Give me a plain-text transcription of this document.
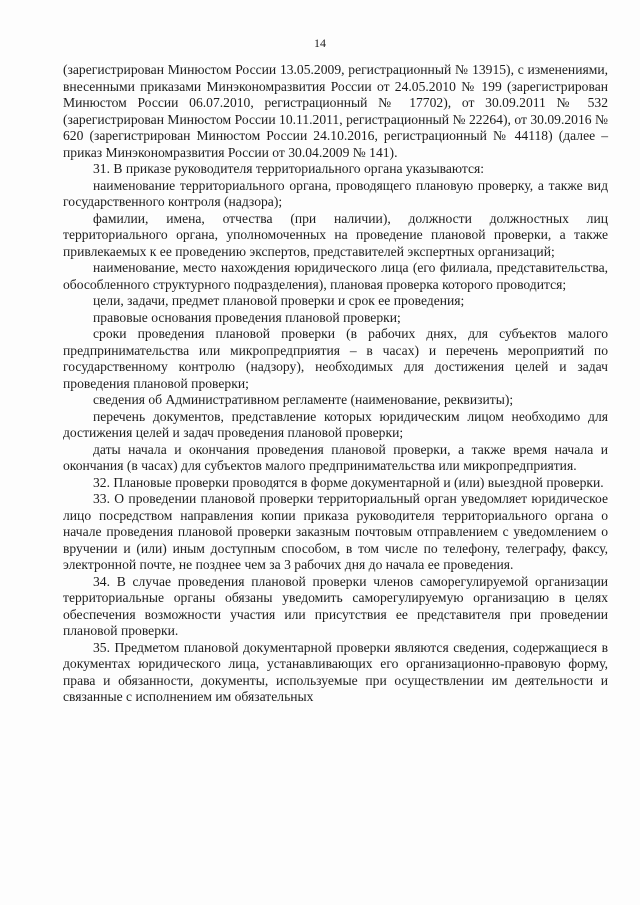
14

(зарегистрирован Минюстом России 13.05.2009, регистрационный № 13915), с изменениями, внесенными приказами Минэкономразвития России от 24.05.2010 № 199 (зарегистрирован Минюстом России 06.07.2010, регистрационный № 17702), от 30.09.2011 № 532 (зарегистрирован Минюстом России 10.11.2011, регистрационный № 22264), от 30.09.2016 № 620 (зарегистрирован Минюстом России 24.10.2016, регистрационный № 44118) (далее – приказ Минэкономразвития России от 30.04.2009 № 141).

31. В приказе руководителя территориального органа указываются:

наименование территориального органа, проводящего плановую проверку, а также вид государственного контроля (надзора);

фамилии, имена, отчества (при наличии), должности должностных лиц территориального органа, уполномоченных на проведение плановой проверки, а также привлекаемых к ее проведению экспертов, представителей экспертных организаций;

наименование, место нахождения юридического лица (его филиала, представительства, обособленного структурного подразделения), плановая проверка которого проводится;

цели, задачи, предмет плановой проверки и срок ее проведения;

правовые основания проведения плановой проверки;

сроки проведения плановой проверки (в рабочих днях, для субъектов малого предпринимательства или микропредприятия – в часах) и перечень мероприятий по государственному контролю (надзору), необходимых для достижения целей и задач проведения плановой проверки;

сведения об Административном регламенте (наименование, реквизиты);

перечень документов, представление которых юридическим лицом необходимо для достижения целей и задач проведения плановой проверки;

даты начала и окончания проведения плановой проверки, а также время начала и окончания (в часах) для субъектов малого предпринимательства или микропредприятия.

32. Плановые проверки проводятся в форме документарной и (или) выездной проверки.

33. О проведении плановой проверки территориальный орган уведомляет юридическое лицо посредством направления копии приказа руководителя территориального органа о начале проведения плановой проверки заказным почтовым отправлением с уведомлением о вручении и (или) иным доступным способом, в том числе по телефону, телеграфу, факсу, электронной почте, не позднее чем за 3 рабочих дня до начала ее проведения.

34. В случае проведения плановой проверки членов саморегулируемой организации территориальные органы обязаны уведомить саморегулируемую организацию в целях обеспечения возможности участия или присутствия ее представителя при проведении плановой проверки.

35. Предметом плановой документарной проверки являются сведения, содержащиеся в документах юридического лица, устанавливающих его организационно-правовую форму, права и обязанности, документы, используемые при осуществлении им деятельности и связанные с исполнением им обязательных
